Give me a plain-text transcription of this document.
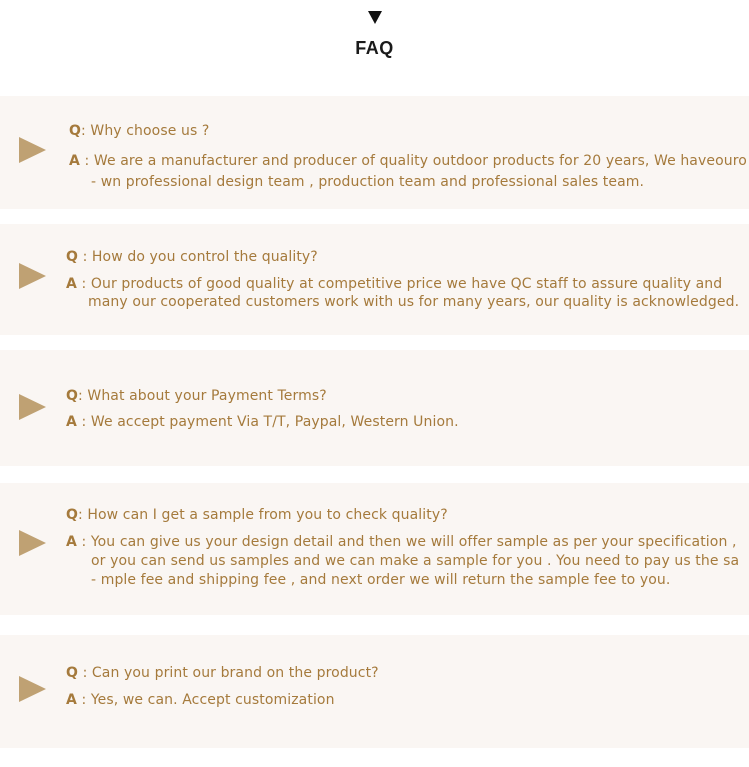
FAQ
Q: Why choose us ?
A : We are a manufacturer and producer of quality outdoor products for 20 years, We haveouro
- wn professional design team , production team and professional sales team.
Q : How do you control the quality?
A : Our products of good quality at competitive price we have QC staff to assure quality and
many our cooperated customers work with us for many years, our quality is acknowledged.
Q: What about your Payment Terms?
A : We accept payment Via T/T, Paypal, Western Union.
Q: How can I get a sample from you to check quality?
A : You can give us your design detail and then we will offer sample as per your specification ,
or you can send us samples and we can make a sample for you . You need to pay us the sa
- mple fee and shipping fee , and next order we will return the sample fee to you.
Q : Can you print our brand on the product?
A : Yes, we can. Accept customization
